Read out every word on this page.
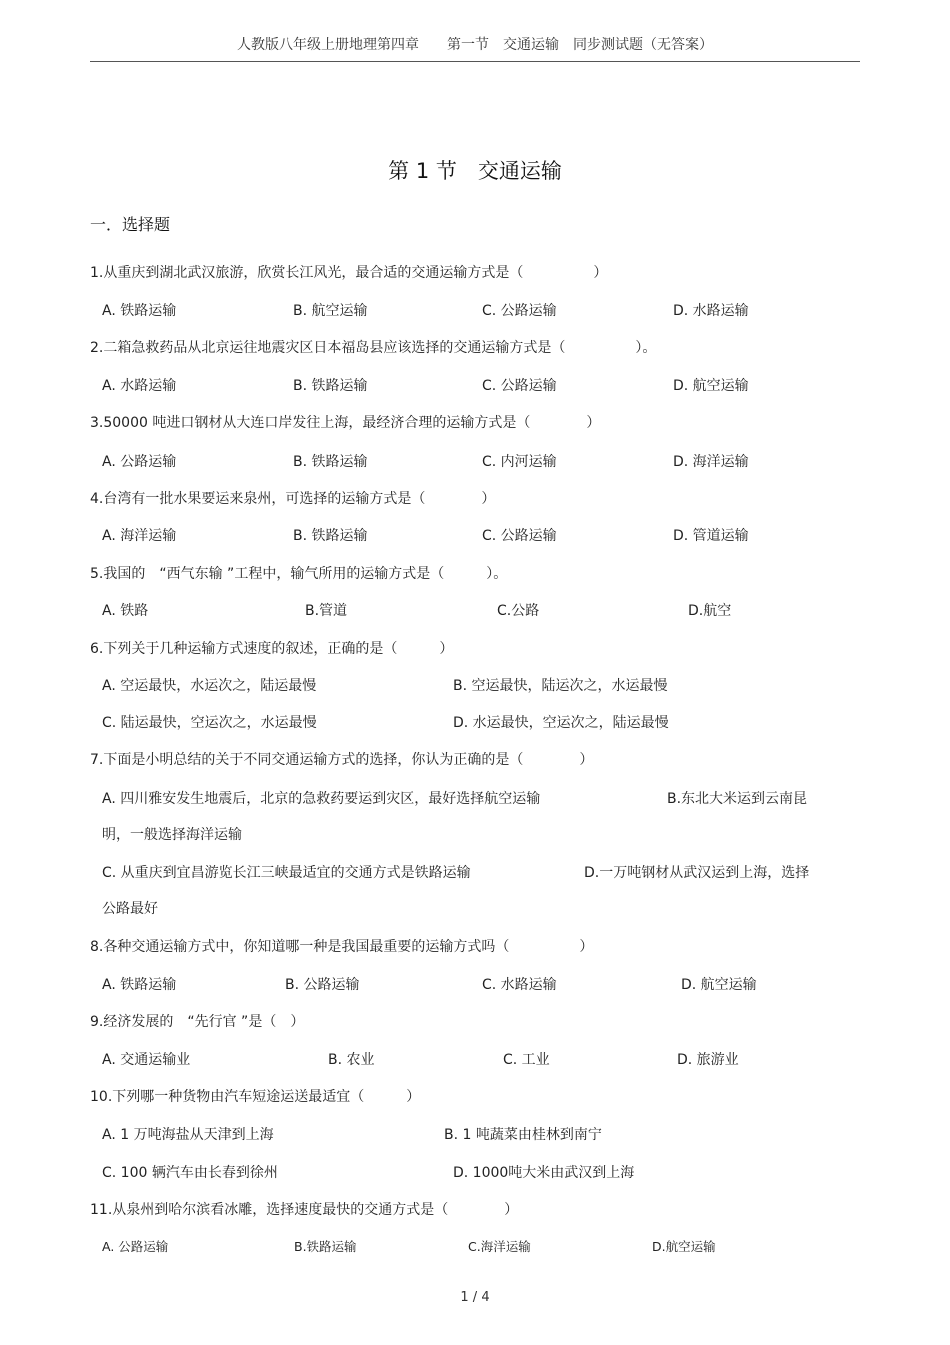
人教版八年级上册地理第四章　　第一节　交通运输　同步测试题（无答案）
第 1 节　交通运输
一．选择题
1.从重庆到湖北武汉旅游，欣赏长江风光，最合适的交通运输方式是（　　　　　）
A. 铁路运输	B. 航空运输	C. 公路运输	D. 水路运输
2.二箱急救药品从北京运往地震灾区日本福岛县应该选择的交通运输方式是（　　　　　）。
A. 水路运输	B. 铁路运输	C. 公路运输	D. 航空运输
3.50000 吨进口钢材从大连口岸发往上海，最经济合理的运输方式是（　　　　）
A. 公路运输	B. 铁路运输	C. 内河运输	D. 海洋运输
4.台湾有一批水果要运来泉州，可选择的运输方式是（　　　　）
A. 海洋运输	B. 铁路运输	C. 公路运输	D. 管道运输
5.我国的　“西气东输 ”工程中，输气所用的运输方式是（　　　）。
A. 铁路	B.管道	C.公路	D.航空
6.下列关于几种运输方式速度的叙述，正确的是（　　　）
A. 空运最快，水运次之，陆运最慢	B. 空运最快，陆运次之，水运最慢
C. 陆运最快，空运次之，水运最慢	D. 水运最快，空运次之，陆运最慢
7.下面是小明总结的关于不同交通运输方式的选择，你认为正确的是（　　　　）
A. 四川雅安发生地震后，北京的急救药要运到灾区，最好选择航空运输	B.东北大米运到云南昆
明，一般选择海洋运输
C. 从重庆到宜昌游览长江三峡最适宜的交通方式是铁路运输	D.一万吨钢材从武汉运到上海，选择
公路最好
8.各种交通运输方式中，你知道哪一种是我国最重要的运输方式吗（　　　　　）
A. 铁路运输	B. 公路运输	C. 水路运输	D. 航空运输
9.经济发展的　“先行官 ”是（　）
A. 交通运输业	B. 农业	C. 工业	D. 旅游业
10.下列哪一种货物由汽车短途运送最适宜（　　　）
A. 1 万吨海盐从天津到上海	B. 1 吨蔬菜由桂林到南宁
C. 100 辆汽车由长春到徐州	D. 1000吨大米由武汉到上海
11.从泉州到哈尔滨看冰雕，选择速度最快的交通方式是（　　　　）
A. 公路运输	B.铁路运输	C.海洋运输	D.航空运输
1 / 4
